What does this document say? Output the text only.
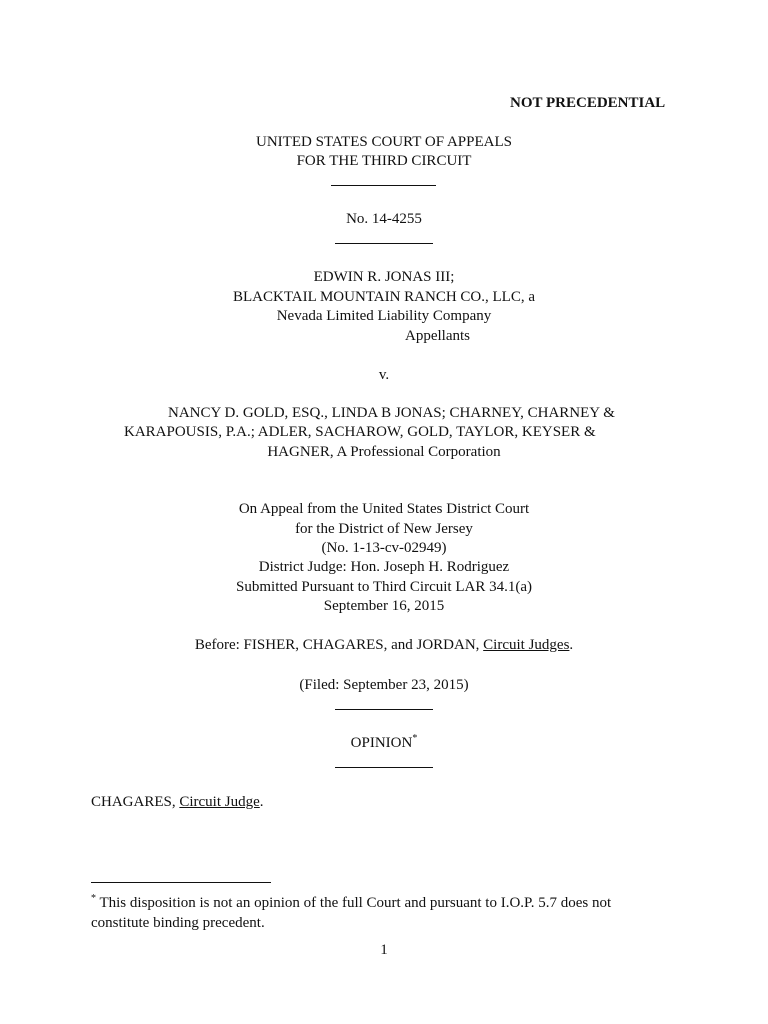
NOT PRECEDENTIAL
UNITED STATES COURT OF APPEALS
FOR THE THIRD CIRCUIT
No. 14-4255
EDWIN R. JONAS III;
BLACKTAIL MOUNTAIN RANCH CO., LLC, a
Nevada Limited Liability Company
Appellants
v.
NANCY D. GOLD, ESQ., LINDA B JONAS; CHARNEY, CHARNEY &
KARAPOUSIS, P.A.; ADLER, SACHAROW, GOLD, TAYLOR, KEYSER &
HAGNER, A Professional Corporation
On Appeal from the United States District Court
for the District of New Jersey
(No. 1-13-cv-02949)
District Judge: Hon. Joseph H. Rodriguez
Submitted Pursuant to Third Circuit LAR 34.1(a)
September 16, 2015
Before: FISHER, CHAGARES, and JORDAN, Circuit Judges.
(Filed: September 23, 2015)
OPINION*
CHAGARES, Circuit Judge.
* This disposition is not an opinion of the full Court and pursuant to I.O.P. 5.7 does not
constitute binding precedent.
1
